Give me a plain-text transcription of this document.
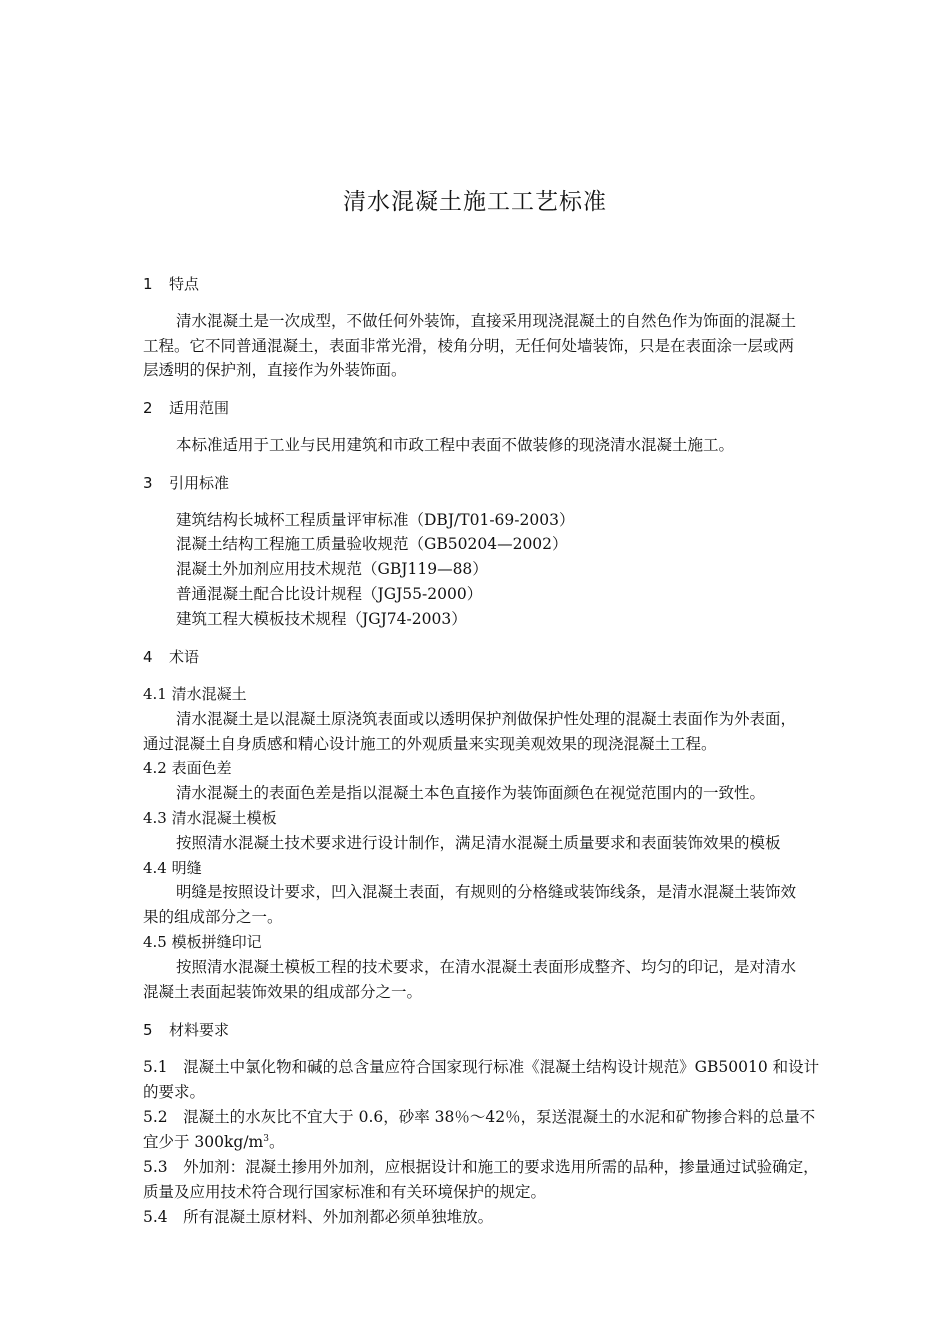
清水混凝土施工工艺标准
1 特点
清水混凝土是一次成型，不做任何外装饰，直接采用现浇混凝土的自然色作为饰面的混凝土
工程。它不同普通混凝土，表面非常光滑，棱角分明，无任何处墙装饰，只是在表面涂一层或两
层透明的保护剂，直接作为外装饰面。
2 适用范围
本标准适用于工业与民用建筑和市政工程中表面不做装修的现浇清水混凝土施工。
3 引用标准
建筑结构长城杯工程质量评审标准（DBJ/T01-69-2003）
混凝土结构工程施工质量验收规范（GB50204—2002）
混凝土外加剂应用技术规范（GBJ119—88）
普通混凝土配合比设计规程（JGJ55-2000）
建筑工程大模板技术规程（JGJ74-2003）
4 术语
4.1 清水混凝土
清水混凝土是以混凝土原浇筑表面或以透明保护剂做保护性处理的混凝土表面作为外表面，
通过混凝土自身质感和精心设计施工的外观质量来实现美观效果的现浇混凝土工程。
4.2 表面色差
清水混凝土的表面色差是指以混凝土本色直接作为装饰面颜色在视觉范围内的一致性。
4.3 清水混凝土模板
按照清水混凝土技术要求进行设计制作，满足清水混凝土质量要求和表面装饰效果的模板
4.4 明缝
明缝是按照设计要求，凹入混凝土表面，有规则的分格缝或装饰线条，是清水混凝土装饰效
果的组成部分之一。
4.5 模板拼缝印记
按照清水混凝土模板工程的技术要求，在清水混凝土表面形成整齐、均匀的印记，是对清水
混凝土表面起装饰效果的组成部分之一。
5 材料要求
5.1　混凝土中氯化物和碱的总含量应符合国家现行标准《混凝土结构设计规范》GB50010 和设计
的要求。
5.2　混凝土的水灰比不宜大于 0.6，砂率 38％～42％，泵送混凝土的水泥和矿物掺合料的总量不
宜少于 $300kg/m^3$。
5.3　外加剂：混凝土掺用外加剂，应根据设计和施工的要求选用所需的品种，掺量通过试验确定，
质量及应用技术符合现行国家标准和有关环境保护的规定。
5.4　所有混凝土原材料、外加剂都必须单独堆放。
